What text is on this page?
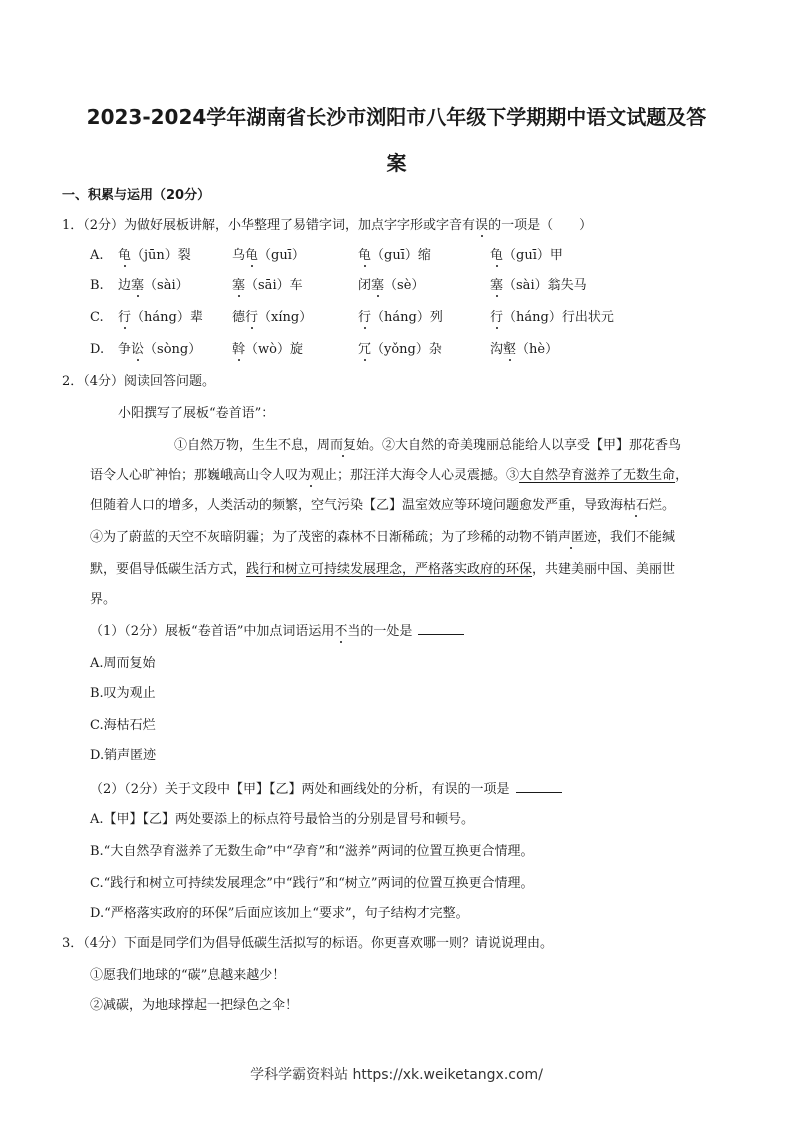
2023-2024学年湖南省长沙市浏阳市八年级下学期期中语文试题及答
案
一、积累与运用（20分）
1．（2分）为做好展板讲解，小华整理了易错字词，加点字字形或字音有误的一项是（　　）
A. 龟（jūn）裂	乌龟（guī）	龟（guī）缩	龟（guī）甲
B. 边塞（sài）	塞（sāi）车	闭塞（sè）	塞（sài）翁失马
C. 行（háng）辈 德行（xíng）	行（háng）列	行（háng）行出状元
D. 争讼（sòng） 斡（wò）旋	冗（yǒng）杂	沟壑（hè）
2．（4分）阅读回答问题。
小阳撰写了展板“卷首语”：
①自然万物，生生不息，周而复始。②大自然的奇美瑰丽总能给人以享受【甲】那花香鸟
语令人心旷神怡；那巍峨高山令人叹为观止；那汪洋大海令人心灵震撼。③大自然孕育滋养了无数生命，
但随着人口的增多，人类活动的频繁，空气污染【乙】温室效应等环境问题愈发严重，导致海枯石烂。
④为了蔚蓝的天空不灰暗阴霾；为了茂密的森林不日渐稀疏；为了珍稀的动物不销声匿迹，我们不能缄
默，要倡导低碳生活方式，践行和树立可持续发展理念，严格落实政府的环保，共建美丽中国、美丽世
界。
（1）（2分）展板“卷首语”中加点词语运用不当的一处是
A.周而复始
B.叹为观止
C.海枯石烂
D.销声匿迹
（2）（2分）关于文段中【甲】【乙】两处和画线处的分析，有误的一项是
A.【甲】【乙】两处要添上的标点符号最恰当的分别是冒号和顿号。
B.“大自然孕育滋养了无数生命”中“孕育”和“滋养”两词的位置互换更合情理。
C.“践行和树立可持续发展理念”中“践行”和“树立”两词的位置互换更合情理。
D.“严格落实政府的环保”后面应该加上“要求”，句子结构才完整。
3．（4分）下面是同学们为倡导低碳生活拟写的标语。你更喜欢哪一则？请说说理由。
①愿我们地球的“碳”息越来越少！
②减碳，为地球撑起一把绿色之伞！
学科学霸资料站 https://xk.weiketangx.com/
